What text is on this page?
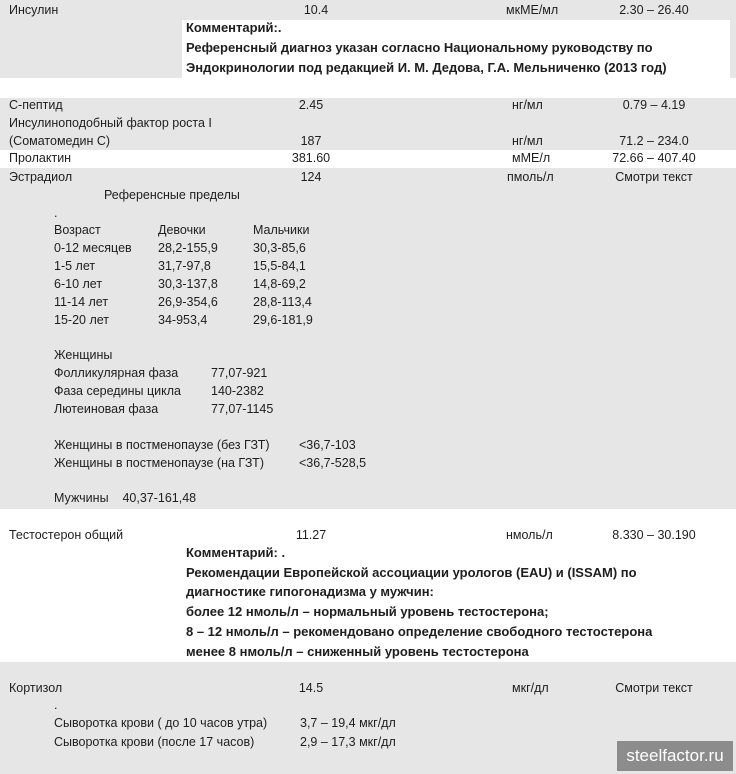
Инсулин	10.4	мкМЕ/мл	2.30 – 26.40
Комментарий:.
Референсный диагноз указан согласно Национальному руководству по
Эндокринологии под редакцией И. М. Дедова, Г.А. Мельниченко (2013 год)
С-пептид	2.45	нг/мл	0.79 – 4.19
Инсулиноподобный фактор роста I
(Соматомедин С)	187	нг/мл	71.2 – 234.0
Пролактин	381.60	мМЕ/л	72.66 – 407.40
Эстрадиол	124	пмоль/л	Смотри текст
Референсные пределы
.
Возраст	Девочки	Мальчики
0-12 месяцев 28,2-155,9	30,3-85,6
1-5 лет	31,7-97,8	15,5-84,1
6-10 лет	30,3-137,8	14,8-69,2
11-14 лет	26,9-354,6	28,8-113,4
15-20 лет	34-953,4	29,6-181,9
Женщины
Фолликулярная фаза	77,07-921
Фаза середины цикла 140-2382
Лютеиновая фаза	77,07-1145
Женщины в постменопаузе (без ГЗТ) <36,7-103
Женщины в постменопаузе (на ГЗТ)	<36,7-528,5
Мужчины    40,37-161,48
Тестостерон общий	11.27	нмоль/л	8.330 – 30.190
Комментарий: .
Рекомендации Европейской ассоциации урологов (EAU) и (ISSAM) по
диагностике гипогонадизма у мужчин:
более 12 нмоль/л – нормальный уровень тестостерона;
8 – 12 нмоль/л – рекомендовано определение свободного тестостерона
менее 8 нмоль/л – сниженный уровень тестостерона
Кортизол	14.5	мкг/дл	Смотри текст
.
Сыворотка крови ( до 10 часов утра)	3,7 – 19,4 мкг/дл
Сыворотка крови (после 17 часов)	2,9 – 17,3 мкг/дл
steelfactor.ru
